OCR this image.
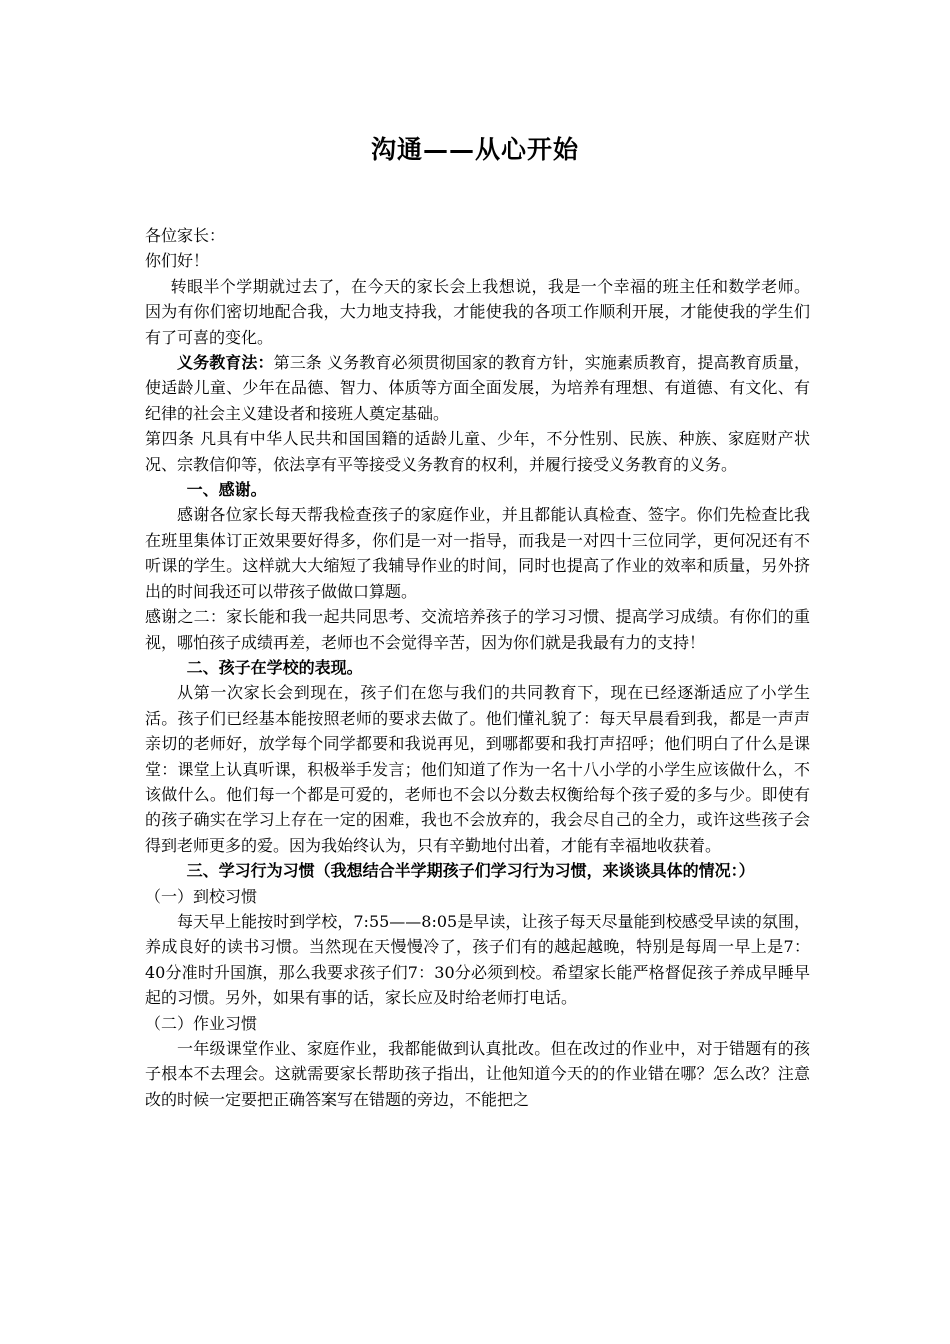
沟通——从心开始

各位家长：

你们好！

转眼半个学期就过去了，在今天的家长会上我想说，我是一个幸福的班主任和数学老师。因为有你们密切地配合我，大力地支持我，才能使我的各项工作顺利开展，才能使我的学生们有了可喜的变化。

义务教育法：第三条 义务教育必须贯彻国家的教育方针，实施素质教育，提高教育质量，使适龄儿童、少年在品德、智力、体质等方面全面发展，为培养有理想、有道德、有文化、有纪律的社会主义建设者和接班人奠定基础。

第四条 凡具有中华人民共和国国籍的适龄儿童、少年，不分性别、民族、种族、家庭财产状况、宗教信仰等，依法享有平等接受义务教育的权利，并履行接受义务教育的义务。

一、感谢。

感谢各位家长每天帮我检查孩子的家庭作业，并且都能认真检查、签字。你们先检查比我在班里集体订正效果要好得多，你们是一对一指导，而我是一对四十三位同学，更何况还有不听课的学生。这样就大大缩短了我辅导作业的时间，同时也提高了作业的效率和质量，另外挤出的时间我还可以带孩子做做口算题。

感谢之二：家长能和我一起共同思考、交流培养孩子的学习习惯、提高学习成绩。有你们的重视，哪怕孩子成绩再差，老师也不会觉得辛苦，因为你们就是我最有力的支持！

二、孩子在学校的表现。

从第一次家长会到现在，孩子们在您与我们的共同教育下，现在已经逐渐适应了小学生活。孩子们已经基本能按照老师的要求去做了。他们懂礼貌了：每天早晨看到我，都是一声声亲切的老师好，放学每个同学都要和我说再见，到哪都要和我打声招呼；他们明白了什么是课堂：课堂上认真听课，积极举手发言；他们知道了作为一名十八小学的小学生应该做什么，不该做什么。他们每一个都是可爱的，老师也不会以分数去权衡给每个孩子爱的多与少。即使有的孩子确实在学习上存在一定的困难，我也不会放弃的，我会尽自己的全力，或许这些孩子会得到老师更多的爱。因为我始终认为，只有辛勤地付出着，才能有幸福地收获着。

三、学习行为习惯（我想结合半学期孩子们学习行为习惯，来谈谈具体的情况：）

（一）到校习惯

每天早上能按时到学校，7:55——8:05是早读，让孩子每天尽量能到校感受早读的氛围，养成良好的读书习惯。当然现在天慢慢冷了，孩子们有的越起越晚，特别是每周一早上是7：40分准时升国旗，那么我要求孩子们7：30分必须到校。希望家长能严格督促孩子养成早睡早起的习惯。另外，如果有事的话，家长应及时给老师打电话。

（二）作业习惯

一年级课堂作业、家庭作业，我都能做到认真批改。但在改过的作业中，对于错题有的孩子根本不去理会。这就需要家长帮助孩子指出，让他知道今天的的作业错在哪？怎么改？注意改的时候一定要把正确答案写在错题的旁边，不能把之
